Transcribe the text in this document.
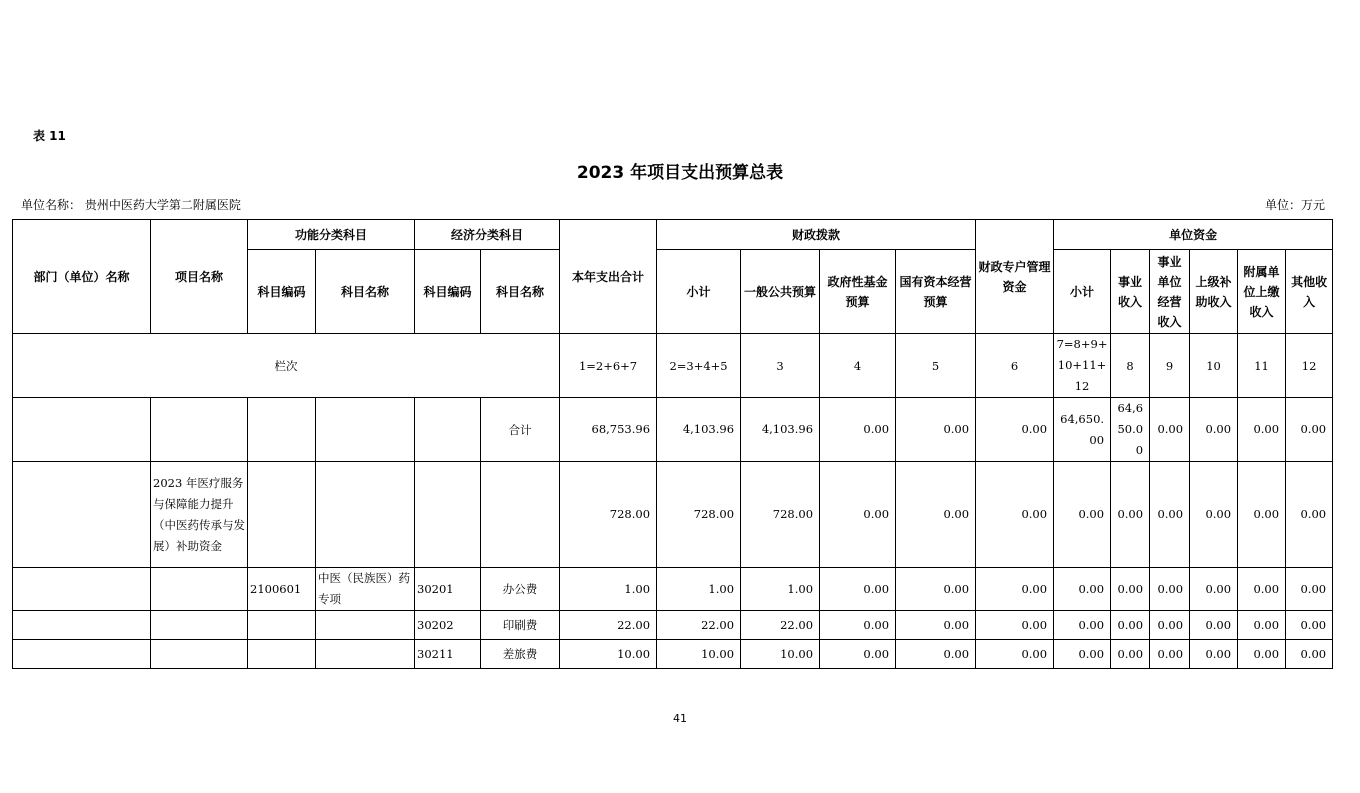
表 11
2023 年项目支出预算总表
单位名称： 贵州中医药大学第二附属医院	单位：万元
部门（单位）名称	项目名称	功能分类科目		经济分类科目		本年支出合计	财政拨款				财政专户管理资金	单位资金					
		科目编码	科目名称	科目编码	科目名称		小计	一般公共预算	政府性基金预算	国有资本经营预算		小计	事业收入	事业单位经营收入	上级补助收入	附属单位上缴收入	其他收入
栏次						1=2+6+7	2=3+4+5	3	4	5	6	7=8+9+10+11+12	8	9	10	11	12
					合计	68,753.96	4,103.96	4,103.96	0.00	0.00	0.00	64,650.00	64,650.00	0.00	0.00	0.00	0.00
	2023 年医疗服务与保障能力提升（中医药传承与发展）补助资金					728.00	728.00	728.00	0.00	0.00	0.00	0.00	0.00	0.00	0.00	0.00	0.00
		2100601	中医（民族医）药专项	30201	办公费	1.00	1.00	1.00	0.00	0.00	0.00	0.00	0.00	0.00	0.00	0.00	0.00
				30202	印刷费	22.00	22.00	22.00	0.00	0.00	0.00	0.00	0.00	0.00	0.00	0.00	0.00
				30211	差旅费	10.00	10.00	10.00	0.00	0.00	0.00	0.00	0.00	0.00	0.00	0.00	0.00
41
